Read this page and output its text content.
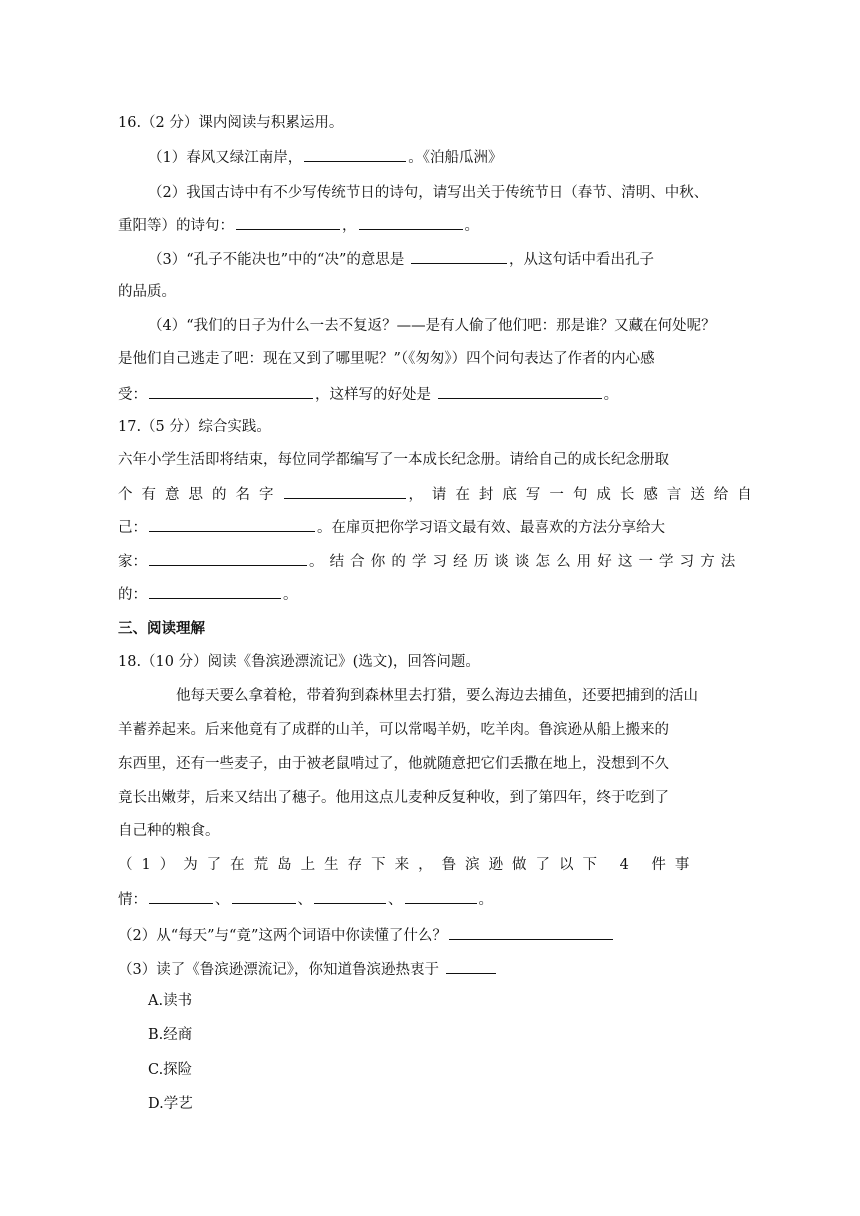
16.（2 分）课内阅读与积累运用。
（1）春风又绿江南岸，	。《泊船瓜洲》
（2）我国古诗中有不少写传统节日的诗句，请写出关于传统节日（春节、清明、中秋、
重阳等）的诗句：	，	。
（3）“孔子不能决也”中的“决”的意思是	，从这句话中看出孔子
的品质。
（4）“我们的日子为什么一去不复返？——是有人偷了他们吧：那是谁？又藏在何处呢？
是他们自己逃走了吧：现在又到了哪里呢？”（《匆匆》）四个问句表达了作者的内心感
受：	，这样写的好处是	。
17.（5 分）综合实践。
六年小学生活即将结束，每位同学都编写了一本成长纪念册。请给自己的成长纪念册取
个有意思的名字	，请在封底写一句成长感言送给自
己：	。在扉页把你学习语文最有效、最喜欢的方法分享给大
家：	。结合你的学习经历谈谈怎么用好这一学习方法
的：	。
三、阅读理解
18.（10 分）阅读《鲁滨逊漂流记》(选文)，回答问题。
他每天要么拿着枪，带着狗到森林里去打猎，要么海边去捕鱼，还要把捕到的活山
羊蓄养起来。后来他竟有了成群的山羊，可以常喝羊奶，吃羊肉。鲁滨逊从船上搬来的
东西里，还有一些麦子，由于被老鼠啃过了，他就随意把它们丢撒在地上，没想到不久
竟长出嫩芽，后来又结出了穗子。他用这点儿麦种反复种收，到了第四年，终于吃到了
自己种的粮食。
（1）为了在荒岛上生存下来，鲁滨逊做了以下 4 件事
情：	、	、	、	。
（2）从“每天”与“竟”这两个词语中你读懂了什么？
（3）读了《鲁滨逊漂流记》，你知道鲁滨逊热衷于
A.读书
B.经商
C.探险
D.学艺
